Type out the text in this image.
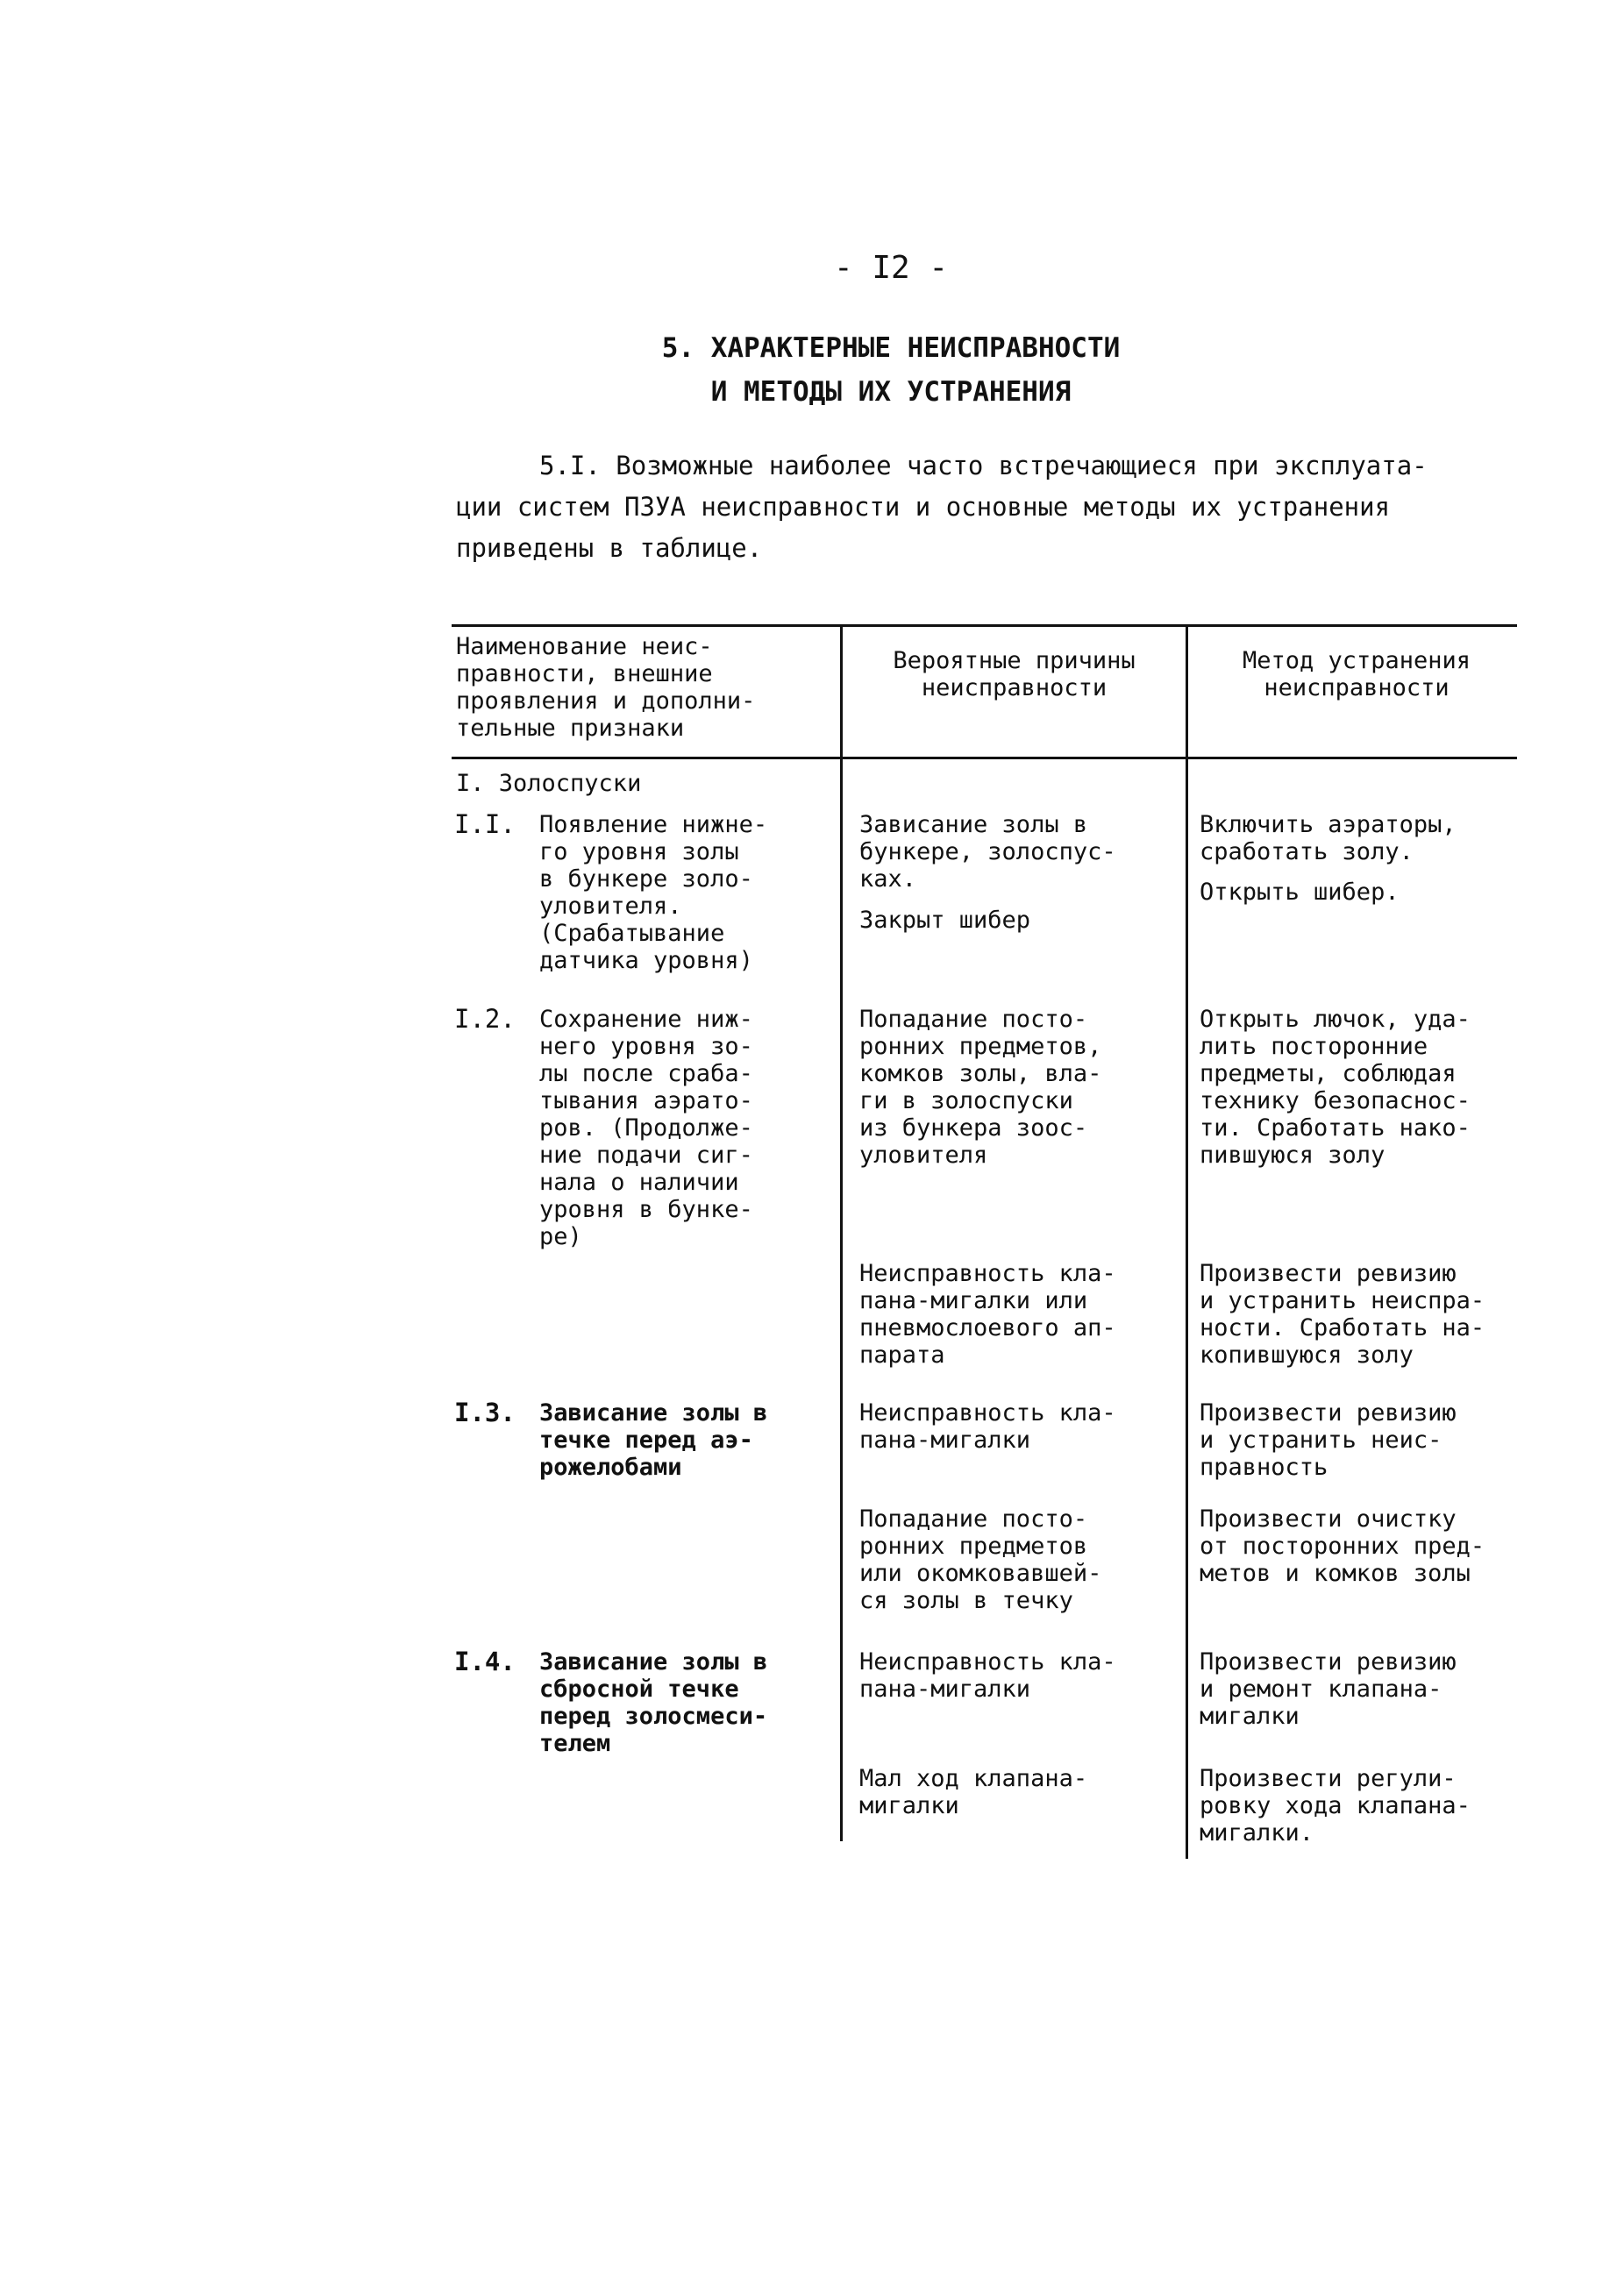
- I2 -
5. ХАРАКТЕРНЫЕ НЕИСПРАВНОСТИ
И МЕТОДЫ ИХ УСТРАНЕНИЯ
5.I. Возможные наиболее часто встречающиеся при эксплуата-
ции систем ПЗУА неисправности и основные методы их устранения
приведены в таблице.
Наименование неис-
правности, внешние
проявления и дополни-
тельные признаки
Вероятные причины
неисправности
Метод устранения
неисправности
I. Золоспуски
I.I. Появление нижне-
го уровня золы
в бункере золо-
уловителя.
(Срабатывание
датчика уровня)
Зависание золы в
бункере, золоспус-
ках.
Закрыт шибер
Включить аэраторы,
сработать золу.
Открыть шибер.
I.2. Сохранение ниж-
него уровня зо-
лы после сраба-
тывания аэрато-
ров. (Продолже-
ние подачи сиг-
нала о наличии
уровня в бунке-
ре)
Попадание посто-
ронних предметов,
комков золы, вла-
ги в золоспуски
из бункера зоос-
уловителя
Открыть лючок, уда-
лить посторонние
предметы, соблюдая
технику безопаснос-
ти. Сработать нако-
пившуюся золу
Неисправность кла-
пана-мигалки или
пневмослоевого ап-
парата
Произвести ревизию
и устранить неиспра-
ности. Сработать на-
копившуюся золу
I.3. Зависание золы в
течке перед аэ-
рожелобами
Неисправность кла-
пана-мигалки
Произвести ревизию
и устранить неис-
правность
Попадание посто-
ронних предметов
или окомковавшей-
ся золы в течку
Произвести очистку
от посторонних пред-
метов и комков золы
I.4. Зависание золы в
сбросной течке
перед золосмеси-
телем
Неисправность кла-
пана-мигалки
Произвести ревизию
и ремонт клапана-
мигалки
Мал ход клапана-
мигалки
Произвести регули-
ровку хода клапана-
мигалки.
